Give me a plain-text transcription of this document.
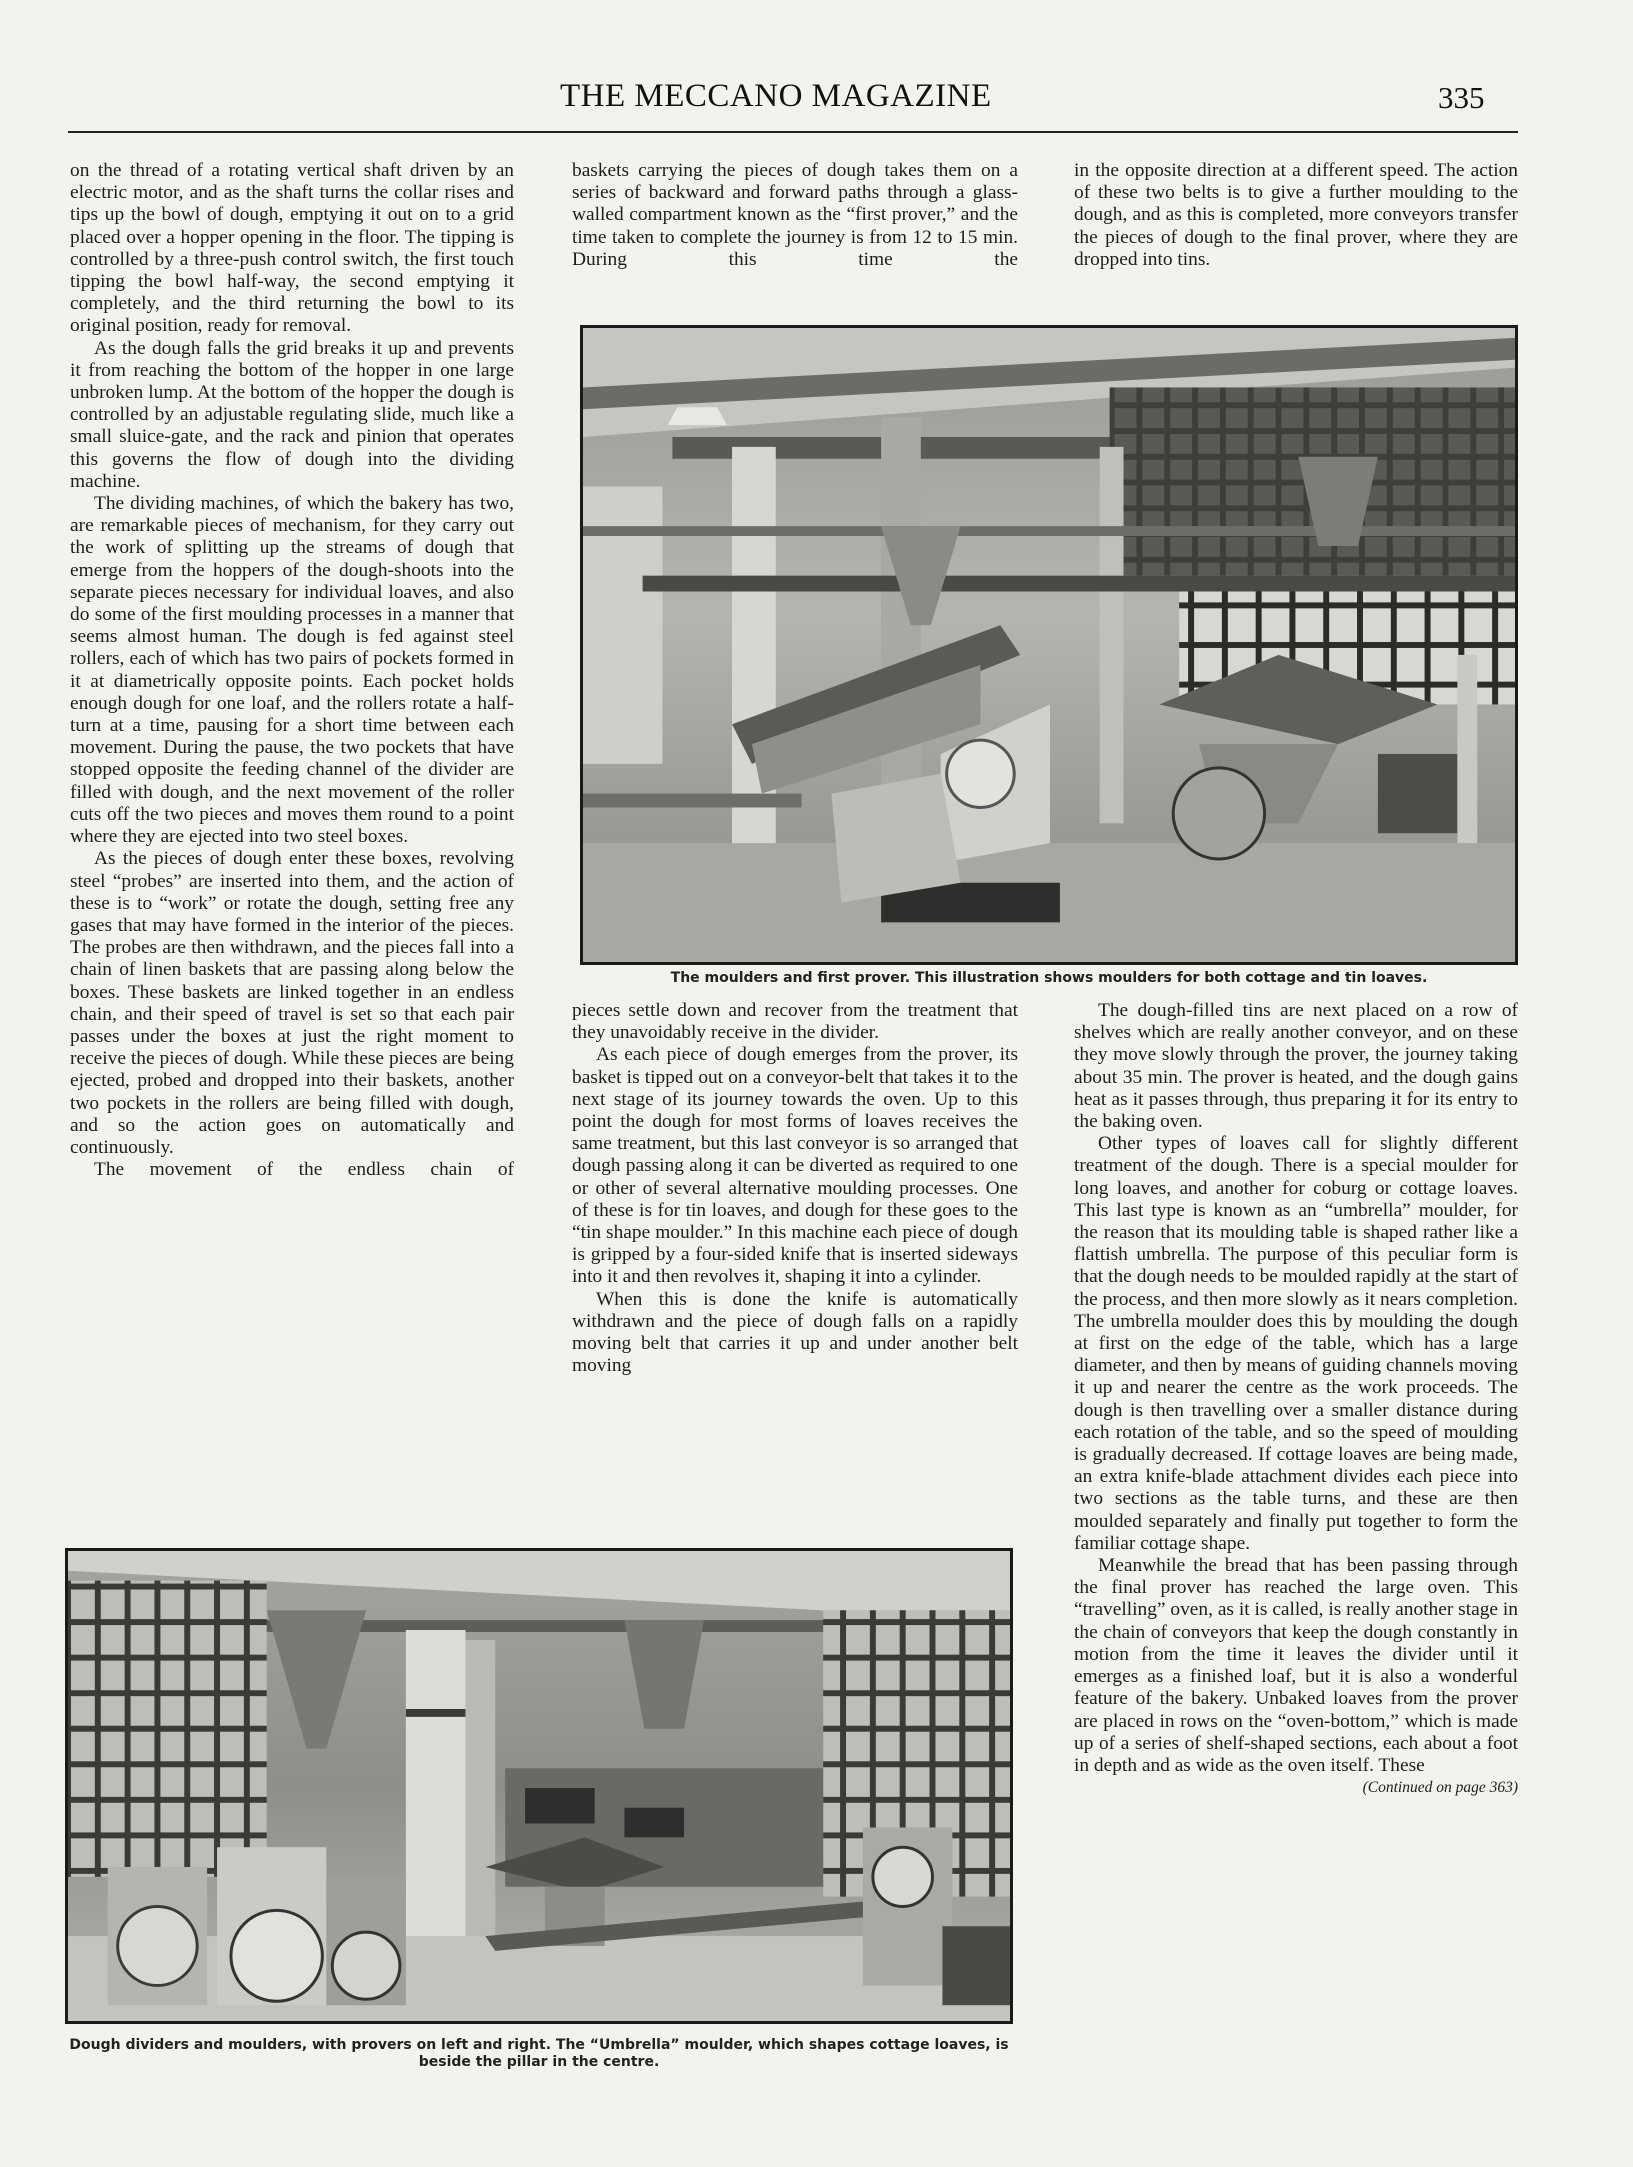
THE MECCANO MAGAZINE	335

on the thread of a rotating vertical shaft driven by an electric motor, and as the shaft turns the collar rises and tips up the bowl of dough, emptying it out on to a grid placed over a hopper opening in the floor. The tipping is controlled by a three-push control switch, the first touch tipping the bowl half-way, the second emptying it completely, and the third returning the bowl to its original position, ready for removal.

As the dough falls the grid breaks it up and prevents it from reaching the bottom of the hopper in one large unbroken lump. At the bottom of the hopper the dough is controlled by an adjustable regulating slide, much like a small sluice-gate, and the rack and pinion that operates this governs the flow of dough into the dividing machine.

The dividing machines, of which the bakery has two, are remarkable pieces of mechanism, for they carry out the work of splitting up the streams of dough that emerge from the hoppers of the dough-shoots into the separate pieces necessary for individual loaves, and also do some of the first moulding processes in a manner that seems almost human. The dough is fed against steel rollers, each of which has two pairs of pockets formed in it at diametrically opposite points. Each pocket holds enough dough for one loaf, and the rollers rotate a half-turn at a time, pausing for a short time between each movement. During the pause, the two pockets that have stopped opposite the feeding channel of the divider are filled with dough, and the next movement of the roller cuts off the two pieces and moves them round to a point where they are ejected into two steel boxes.

As the pieces of dough enter these boxes, revolving steel “probes” are inserted into them, and the action of these is to “work” or rotate the dough, setting free any gases that may have formed in the interior of the pieces. The probes are then withdrawn, and the pieces fall into a chain of linen baskets that are passing along below the boxes. These baskets are linked together in an endless chain, and their speed of travel is set so that each pair passes under the boxes at just the right moment to receive the pieces of dough. While these pieces are being ejected, probed and dropped into their baskets, another two pockets in the rollers are being filled with dough, and so the action goes on automatically and continuously.

The movement of the endless chain of

baskets carrying the pieces of dough takes them on a series of backward and forward paths through a glass-walled compartment known as the “first prover,” and the time taken to complete the journey is from 12 to 15 min. During this time the

in the opposite direction at a different speed. The action of these two belts is to give a further moulding to the dough, and as this is completed, more conveyors transfer the pieces of dough to the final prover, where they are dropped into tins.

The moulders and first prover. This illustration shows moulders for both cottage and tin loaves.

pieces settle down and recover from the treatment that they unavoidably receive in the divider.

As each piece of dough emerges from the prover, its basket is tipped out on a conveyor-belt that takes it to the next stage of its journey towards the oven. Up to this point the dough for most forms of loaves receives the same treatment, but this last conveyor is so arranged that dough passing along it can be diverted as required to one or other of several alternative moulding processes. One of these is for tin loaves, and dough for these goes to the “tin shape moulder.” In this machine each piece of dough is gripped by a four-sided knife that is inserted sideways into it and then revolves it, shaping it into a cylinder.

When this is done the knife is automatically withdrawn and the piece of dough falls on a rapidly moving belt that carries it up and under another belt moving

The dough-filled tins are next placed on a row of shelves which are really another conveyor, and on these they move slowly through the prover, the journey taking about 35 min. The prover is heated, and the dough gains heat as it passes through, thus preparing it for its entry to the baking oven.

Other types of loaves call for slightly different treatment of the dough. There is a special moulder for long loaves, and another for coburg or cottage loaves. This last type is known as an “umbrella” moulder, for the reason that its moulding table is shaped rather like a flattish umbrella. The purpose of this peculiar form is that the dough needs to be moulded rapidly at the start of the process, and then more slowly as it nears completion. The umbrella moulder does this by moulding the dough at first on the edge of the table, which has a large diameter, and then by means of guiding channels moving it up and nearer the centre as the work proceeds. The dough is then travelling over a smaller distance during each rotation of the table, and so the speed of moulding is gradually decreased. If cottage loaves are being made, an extra knife-blade attachment divides each piece into two sections as the table turns, and these are then moulded separately and finally put together to form the familiar cottage shape.

Meanwhile the bread that has been passing through the final prover has reached the large oven. This “travelling” oven, as it is called, is really another stage in the chain of conveyors that keep the dough constantly in motion from the time it leaves the divider until it emerges as a finished loaf, but it is also a wonderful feature of the bakery. Unbaked loaves from the prover are placed in rows on the “oven-bottom,” which is made up of a series of shelf-shaped sections, each about a foot in depth and as wide as the oven itself. These
(Continued on page 363)

Dough dividers and moulders, with provers on left and right. The “Umbrella” moulder, which shapes cottage loaves, is beside the pillar in the centre.
